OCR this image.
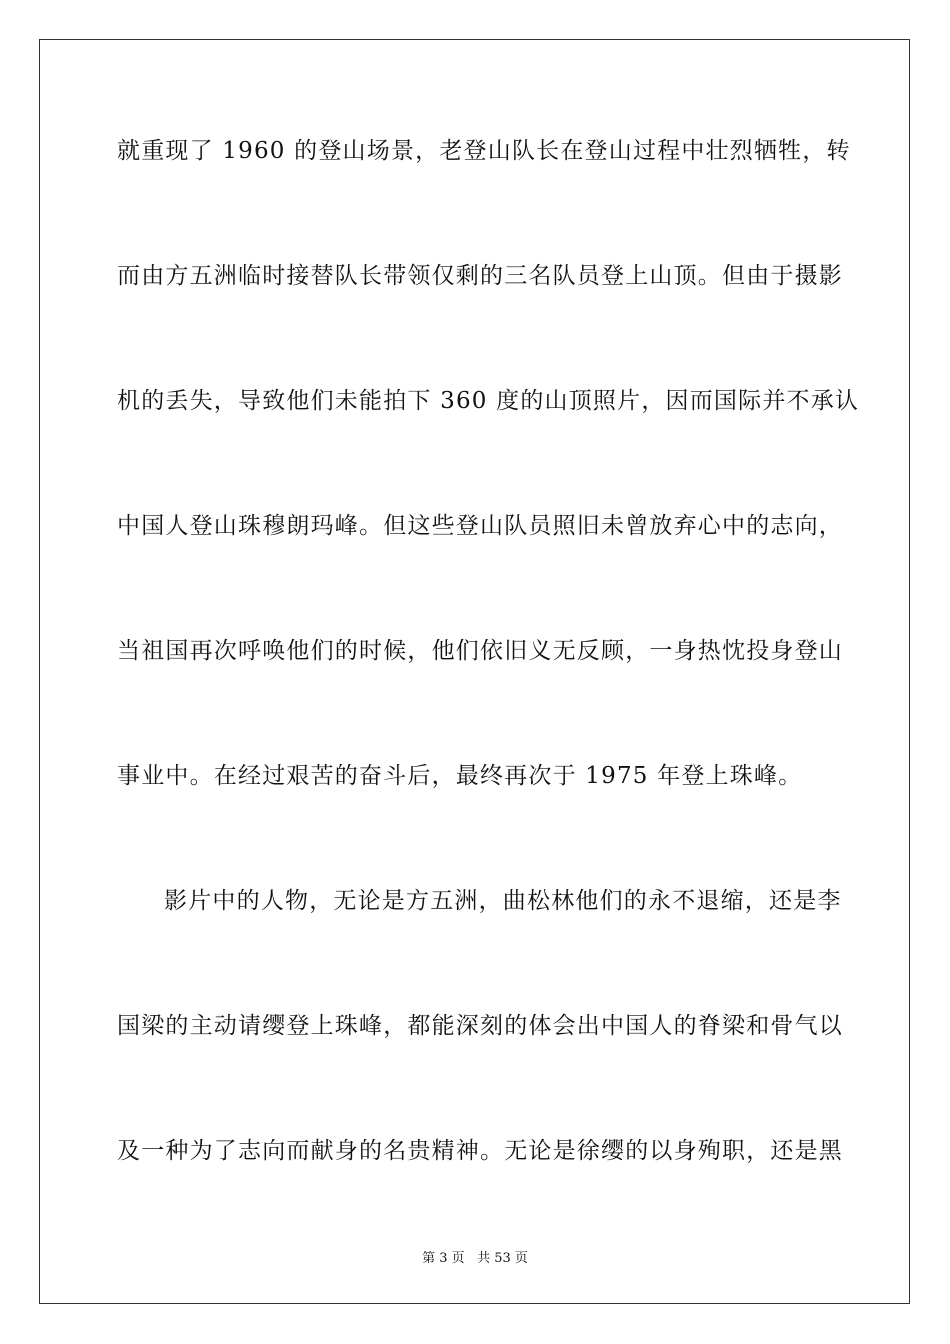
就重现了 1960 的登山场景，老登山队长在登山过程中壮烈牺牲，转
而由方五洲临时接替队长带领仅剩的三名队员登上山顶。但由于摄影
机的丢失，导致他们未能拍下 360 度的山顶照片，因而国际并不承认
中国人登山珠穆朗玛峰。但这些登山队员照旧未曾放弃心中的志向，
当祖国再次呼唤他们的时候，他们依旧义无反顾，一身热忱投身登山
事业中。在经过艰苦的奋斗后，最终再次于 1975 年登上珠峰。
影片中的人物，无论是方五洲，曲松林他们的永不退缩，还是李
国梁的主动请缨登上珠峰，都能深刻的体会出中国人的脊梁和骨气以
及一种为了志向而献身的名贵精神。无论是徐缨的以身殉职，还是黑
第 3 页 共 53 页
